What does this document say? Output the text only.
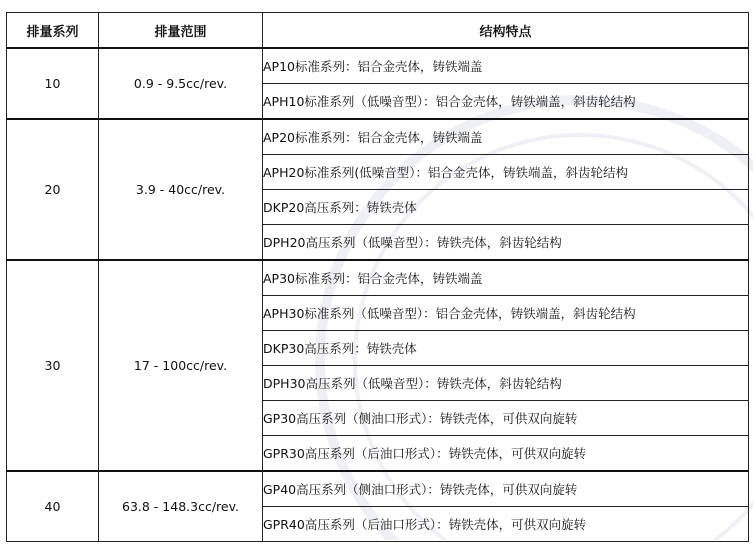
排量系列	排量范围	结构特点
10	0.9 - 9.5cc/rev.	AP10标准系列：铝合金壳体，铸铁端盖
		APH10标准系列（低噪音型）：铝合金壳体，铸铁端盖，斜齿轮结构
20	3.9 - 40cc/rev.	AP20标准系列：铝合金壳体，铸铁端盖
		APH20标准系列(低噪音型）：铝合金壳体，铸铁端盖，斜齿轮结构
		DKP20高压系列：铸铁壳体
		DPH20高压系列（低噪音型）：铸铁壳体，斜齿轮结构
30	17 - 100cc/rev.	AP30标准系列：铝合金壳体，铸铁端盖
		APH30标准系列（低噪音型）：铝合金壳体，铸铁端盖，斜齿轮结构
		DKP30高压系列：铸铁壳体
		DPH30高压系列（低噪音型）：铸铁壳体，斜齿轮结构
		GP30高压系列（侧油口形式）：铸铁壳体，可供双向旋转
		GPR30高压系列（后油口形式）：铸铁壳体，可供双向旋转
40	63.8 - 148.3cc/rev.	GP40高压系列（侧油口形式）：铸铁壳体，可供双向旋转
		GPR40高压系列（后油口形式）：铸铁壳体，可供双向旋转
